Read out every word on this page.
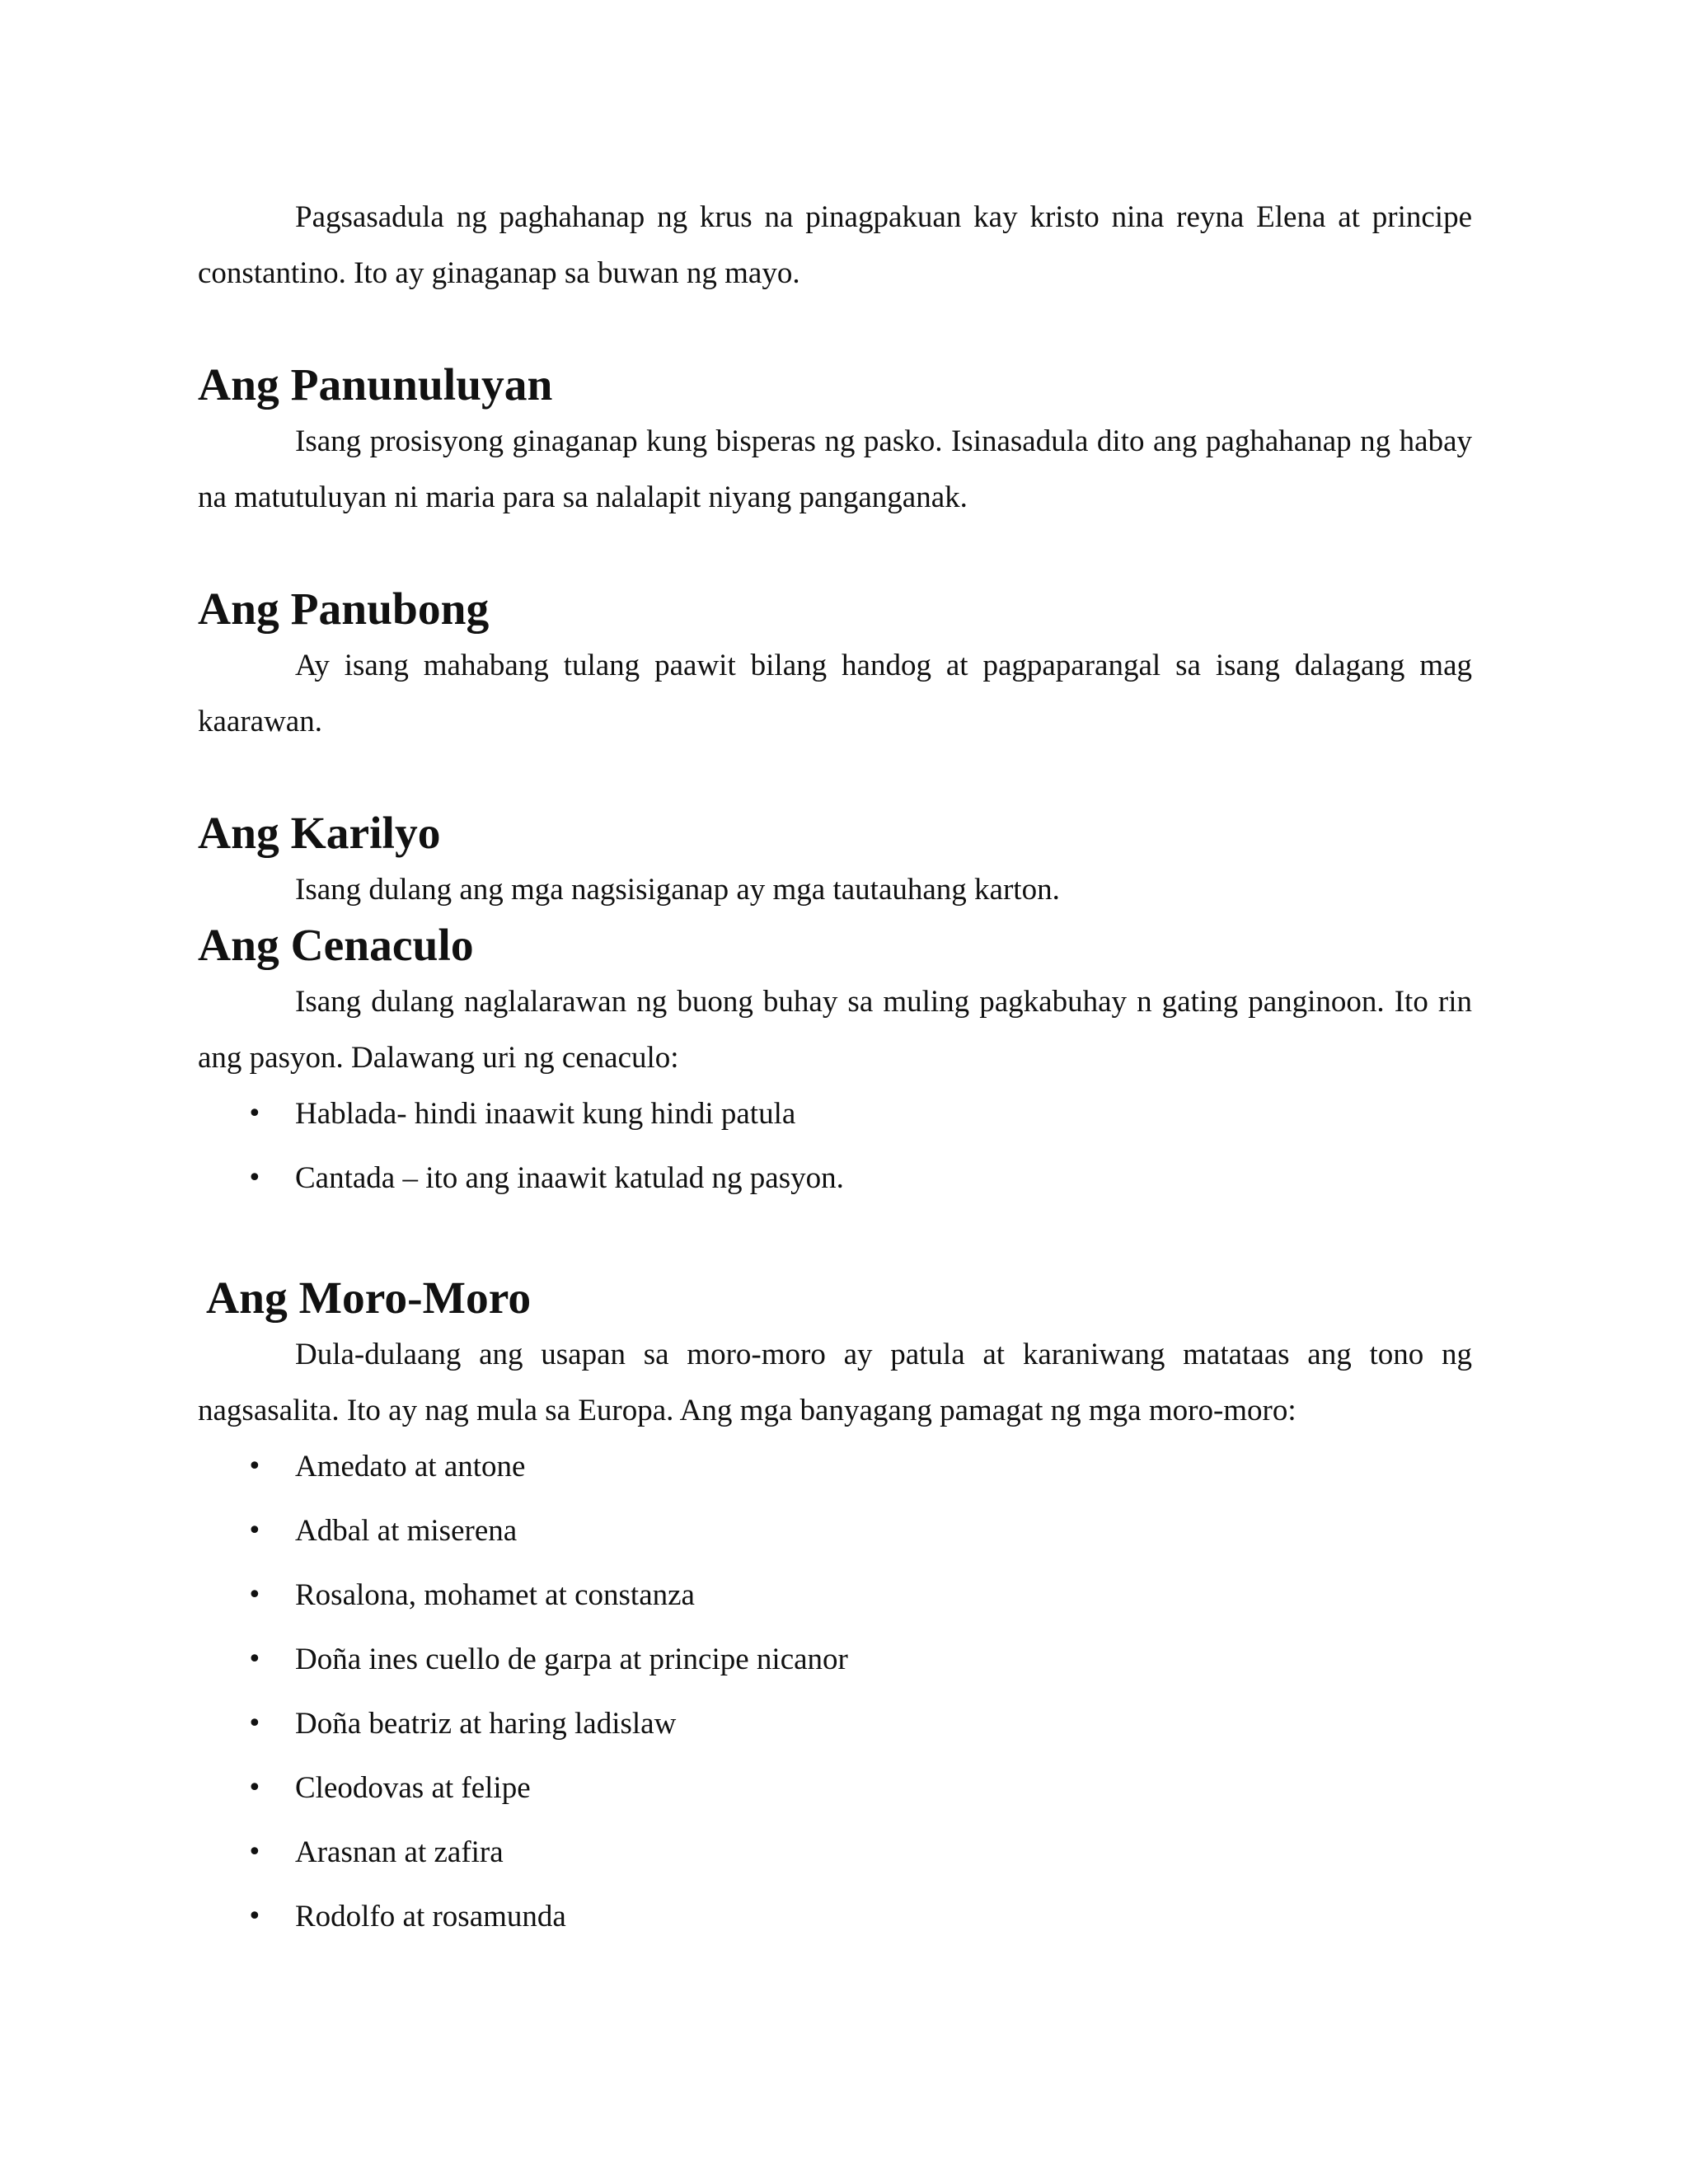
Pagsasadula ng paghahanap ng krus na pinagpakuan kay kristo nina reyna Elena at principe constantino. Ito ay ginaganap sa buwan ng mayo.

Ang Panunuluyan

Isang prosisyong ginaganap kung bisperas ng pasko. Isinasadula dito ang paghahanap ng habay na matutuluyan ni maria para sa nalalapit niyang panganganak.

Ang Panubong

Ay isang mahabang tulang paawit bilang handog at pagpaparangal sa isang dalagang mag kaarawan.

Ang Karilyo

Isang dulang ang mga nagsisiganap ay mga tautauhang karton.

Ang Cenaculo

Isang dulang naglalarawan ng buong buhay sa muling pagkabuhay n gating panginoon. Ito rin ang pasyon. Dalawang uri ng cenaculo:

• Hablada- hindi inaawit kung hindi patula
• Cantada – ito ang inaawit katulad ng pasyon.
Ang Moro-Moro

Dula-dulaang ang usapan sa moro-moro ay patula at karaniwang matataas ang tono ng nagsasalita. Ito ay nag mula sa Europa. Ang mga banyagang pamagat ng mga moro-moro:

• Amedato at antone
• Adbal at miserena
• Rosalona, mohamet at constanza
• Doña ines cuello de garpa at principe nicanor
• Doña beatriz at haring ladislaw
• Cleodovas at felipe
• Arasnan at zafira
• Rodolfo at rosamunda
